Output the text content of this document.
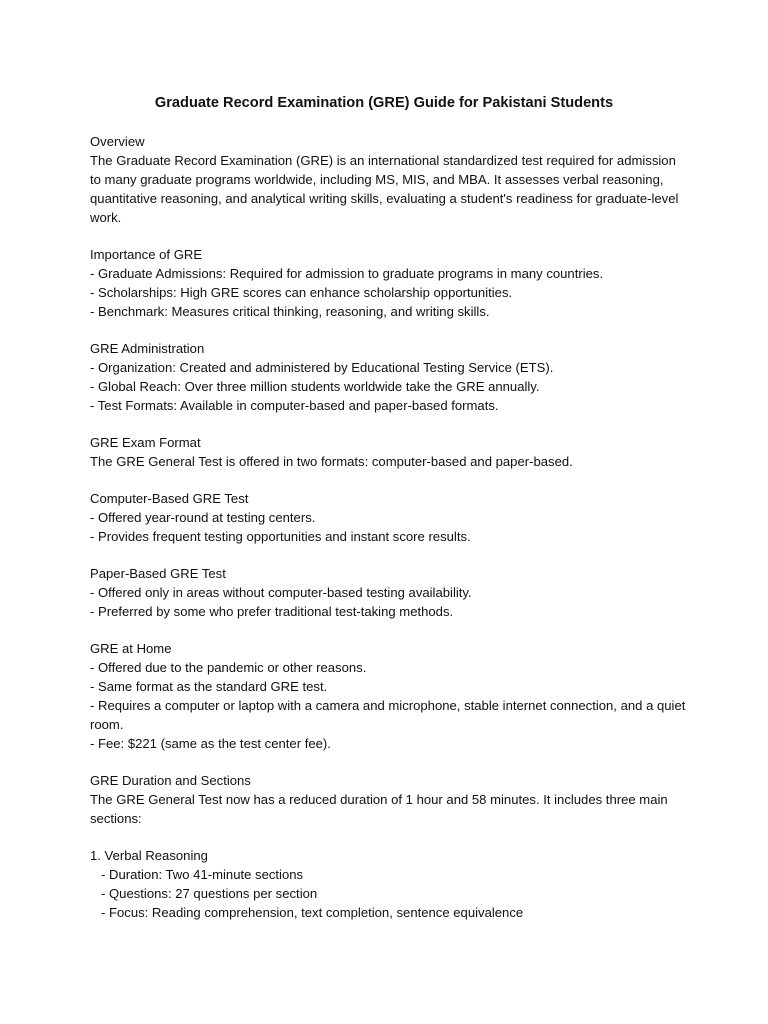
Graduate Record Examination (GRE) Guide for Pakistani Students
Overview
The Graduate Record Examination (GRE) is an international standardized test required for admission to many graduate programs worldwide, including MS, MIS, and MBA. It assesses verbal reasoning, quantitative reasoning, and analytical writing skills, evaluating a student's readiness for graduate-level work.
Importance of GRE
- Graduate Admissions: Required for admission to graduate programs in many countries.
- Scholarships: High GRE scores can enhance scholarship opportunities.
- Benchmark: Measures critical thinking, reasoning, and writing skills.
GRE Administration
- Organization: Created and administered by Educational Testing Service (ETS).
- Global Reach: Over three million students worldwide take the GRE annually.
- Test Formats: Available in computer-based and paper-based formats.
GRE Exam Format
The GRE General Test is offered in two formats: computer-based and paper-based.
Computer-Based GRE Test
- Offered year-round at testing centers.
- Provides frequent testing opportunities and instant score results.
Paper-Based GRE Test
- Offered only in areas without computer-based testing availability.
- Preferred by some who prefer traditional test-taking methods.
GRE at Home
- Offered due to the pandemic or other reasons.
- Same format as the standard GRE test.
- Requires a computer or laptop with a camera and microphone, stable internet connection, and a quiet room.
- Fee: $221 (same as the test center fee).
GRE Duration and Sections
The GRE General Test now has a reduced duration of 1 hour and 58 minutes. It includes three main sections:
1. Verbal Reasoning
- Duration: Two 41-minute sections
- Questions: 27 questions per section
- Focus: Reading comprehension, text completion, sentence equivalence
